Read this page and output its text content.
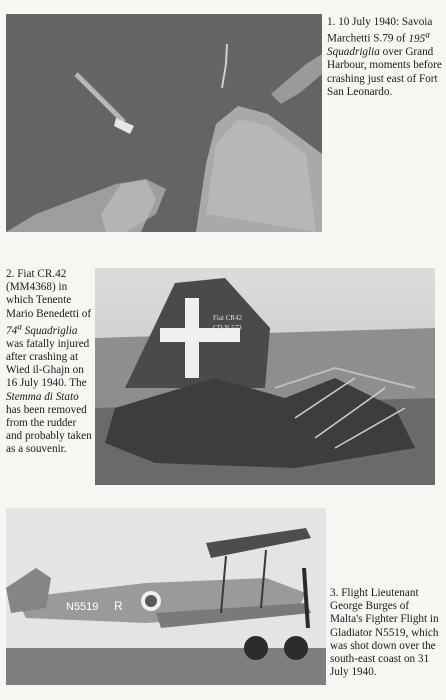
1. 10 July 1940: Savoia Marchetti S.79 of 195$^a$ Squadriglia over Grand Harbour, moments before crashing just east of Fort San Leonardo.
2. Fiat CR.42 (MM4368) in which Tenente Mario Benedetti of 74$^a$ Squadriglia was fatally injured after crashing at Wied il-Ghajn on 16 July 1940. The Stemma di Stato has been removed from the rudder and probably taken as a souvenir.
Fiat CR42
CD N 573
N5519 R
3. Flight Lieutenant George Burges of Malta's Fighter Flight in Gladiator N5519, which was shot down over the south-east coast on 31 July 1940.
